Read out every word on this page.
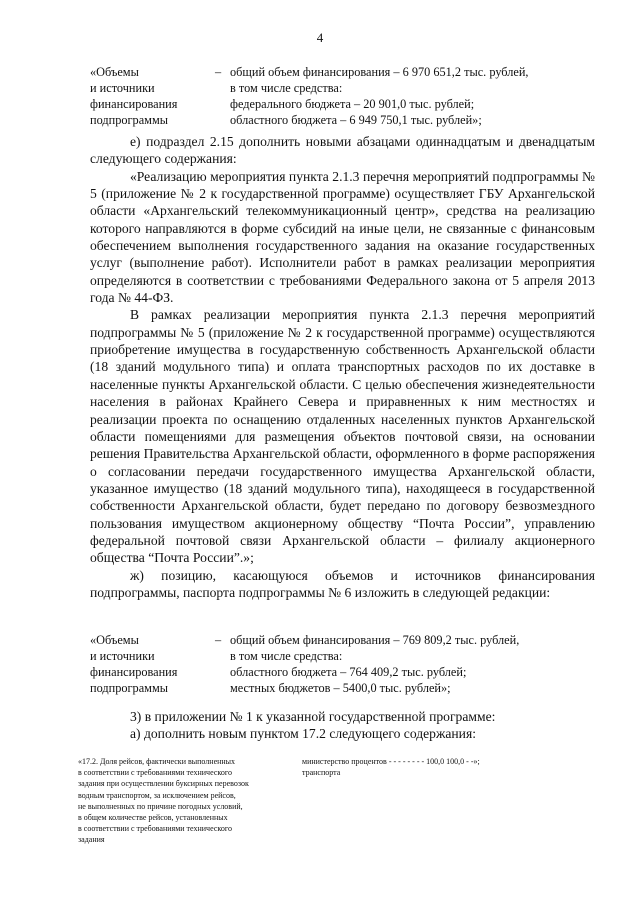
4
«Объемы
и источники
финансирования
подпрограммы
– общий объем финансирования – 6 970 651,2 тыс. рублей,
в том числе средства:
федерального бюджета – 20 901,0 тыс. рублей;
областного бюджета – 6 949 750,1 тыс. рублей»;

е) подраздел 2.15 дополнить новыми абзацами одиннадцатым и двенадцатым следующего содержания:

«Реализацию мероприятия пункта 2.1.3 перечня мероприятий подпрограммы № 5 (приложение № 2 к государственной программе) осуществляет ГБУ Архангельской области «Архангельский телекоммуникационный центр», средства на реализацию которого направляются в форме субсидий на иные цели, не связанные с финансовым обеспечением выполнения государственного задания на оказание государственных услуг (выполнение работ). Исполнители работ в рамках реализации мероприятия определяются в соответствии с требованиями Федерального закона от 5 апреля 2013 года № 44-ФЗ.

В рамках реализации мероприятия пункта 2.1.3 перечня мероприятий подпрограммы № 5 (приложение № 2 к государственной программе) осуществляются приобретение имущества в государственную собственность Архангельской области (18 зданий модульного типа) и оплата транспортных расходов по их доставке в населенные пункты Архангельской области. С целью обеспечения жизнедеятельности населения в районах Крайнего Севера и приравненных к ним местностях и реализации проекта по оснащению отдаленных населенных пунктов Архангельской области помещениями для размещения объектов почтовой связи, на основании решения Правительства Архангельской области, оформленного в форме распоряжения о согласовании передачи государственного имущества Архангельской области, указанное имущество (18 зданий модульного типа), находящееся в государственной собственности Архангельской области, будет передано по договору безвозмездного пользования имуществом акционерному обществу “Почта России”, управлению федеральной почтовой связи Архангельской области – филиалу акционерного общества “Почта России”.»;

ж) позицию, касающуюся объемов и источников финансирования подпрограммы, паспорта подпрограммы № 6 изложить в следующей редакции:

«Объемы
и источники
финансирования
подпрограммы
– общий объем финансирования – 769 809,2 тыс. рублей,
в том числе средства:
областного бюджета – 764 409,2 тыс. рублей;
местных бюджетов – 5400,0 тыс. рублей»;

3) в приложении № 1 к указанной государственной программе:

а) дополнить новым пунктом 17.2 следующего содержания:

«17.2. Доля рейсов, фактически выполненных
в соответствии с требованиями технического
задания при осуществлении буксирных перевозок
водным транспортом, за исключением рейсов,
не выполненных по причине погодных условий,
в общем количестве рейсов, установленных
в соответствии с требованиями технического
задания
министерство процентов - - - - - - - - 100,0 100,0 - -»;
транспорта
